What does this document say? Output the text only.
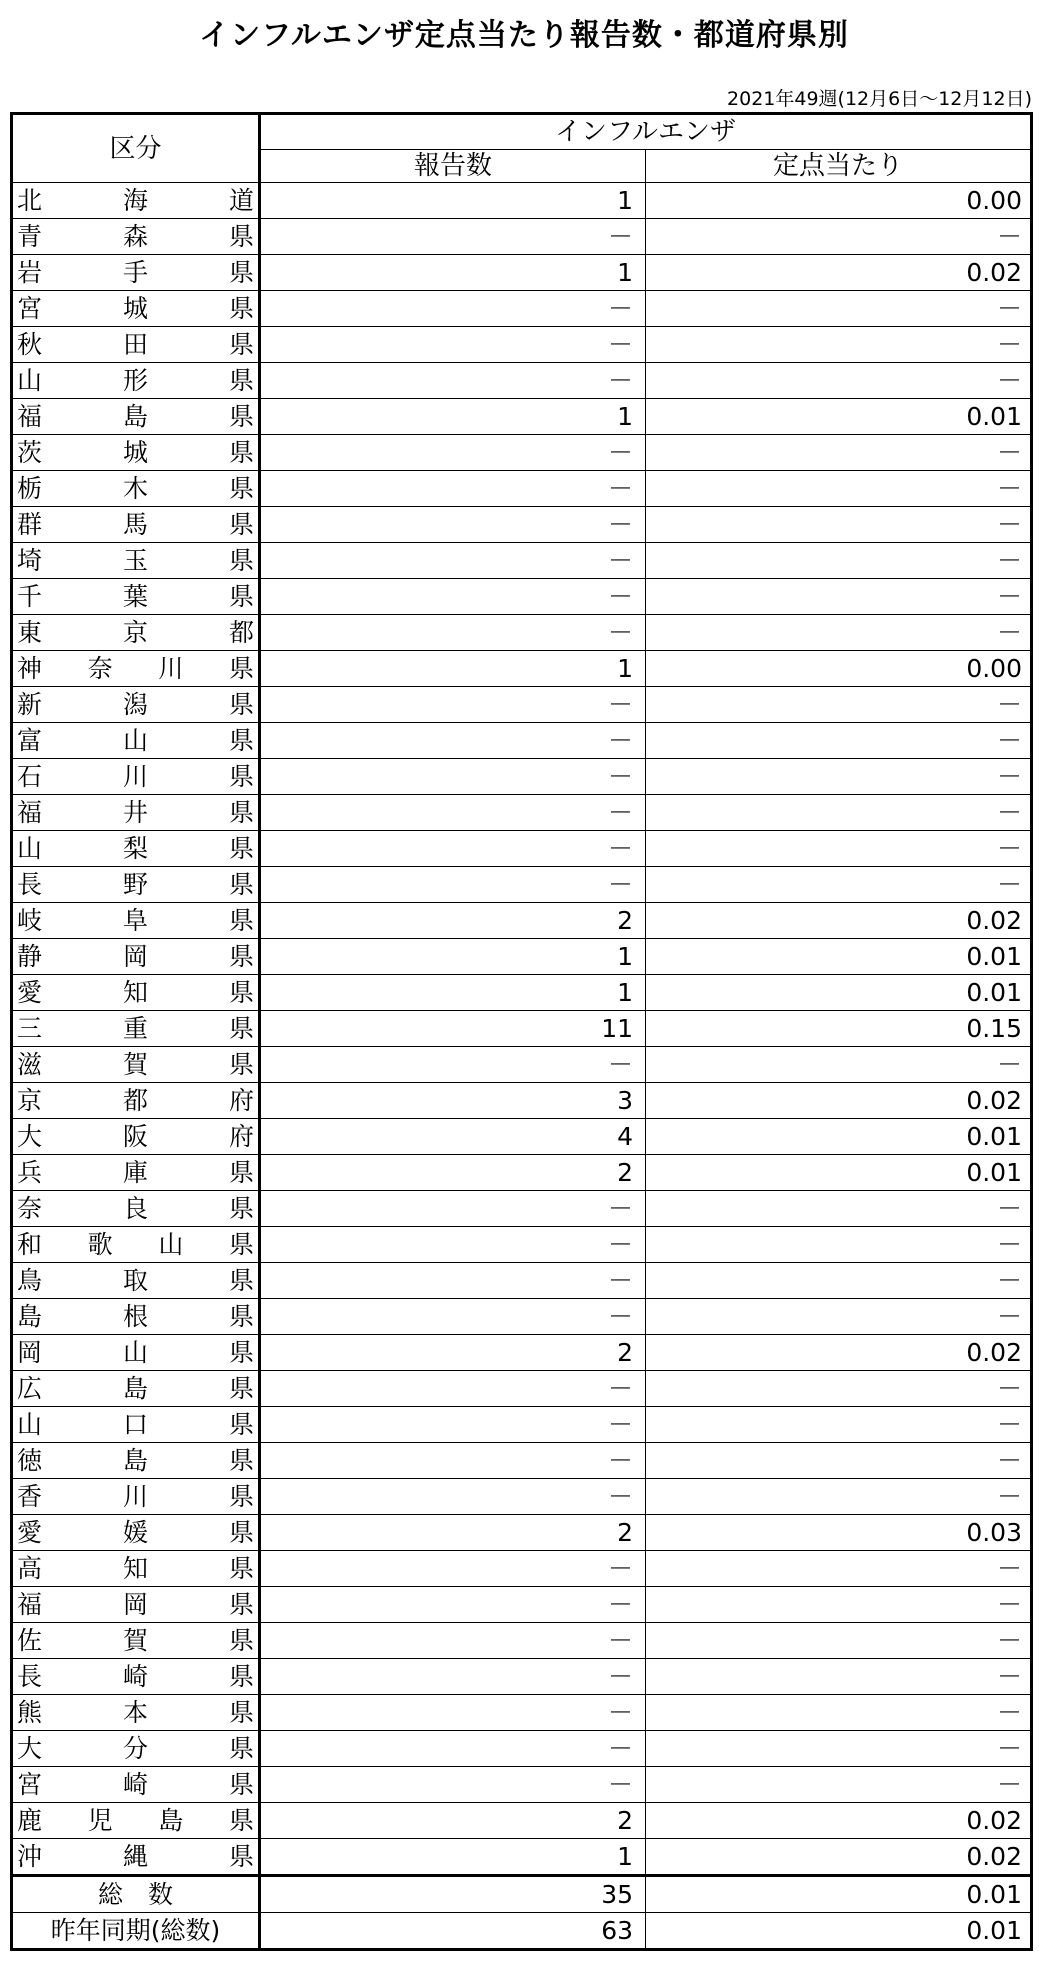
インフルエンザ定点当たり報告数・都道府県別
2021年49週(12月6日～12月12日)
区分	インフルエンザ	
	報告数	定点当たり

北 海 道	1	0.00

青 森 県	－	－

岩 手 県	1	0.02

宮 城 県	－	－

秋 田 県	－	－

山 形 県	－	－

福 島 県	1	0.01

茨 城 県	－	－

栃 木 県	－	－

群 馬 県	－	－

埼 玉 県	－	－

千 葉 県	－	－

東 京 都	－	－

神 奈 川 県	1	0.00

新 潟 県	－	－

富 山 県	－	－

石 川 県	－	－

福 井 県	－	－

山 梨 県	－	－

長 野 県	－	－

岐 阜 県	2	0.02

静 岡 県	1	0.01

愛 知 県	1	0.01

三 重 県	11	0.15

滋 賀 県	－	－

京 都 府	3	0.02

大 阪 府	4	0.01

兵 庫 県	2	0.01

奈 良 県	－	－

和 歌 山 県	－	－

鳥 取 県	－	－

島 根 県	－	－

岡 山 県	2	0.02

広 島 県	－	－

山 口 県	－	－

徳 島 県	－	－

香 川 県	－	－

愛 媛 県	2	0.03

高 知 県	－	－

福 岡 県	－	－

佐 賀 県	－	－

長 崎 県	－	－

熊 本 県	－	－

大 分 県	－	－

宮 崎 県	－	－

鹿 児 島 県	2	0.02

沖 縄 県	1	0.02
総　数	35	0.01
昨年同期(総数)	63	0.01
